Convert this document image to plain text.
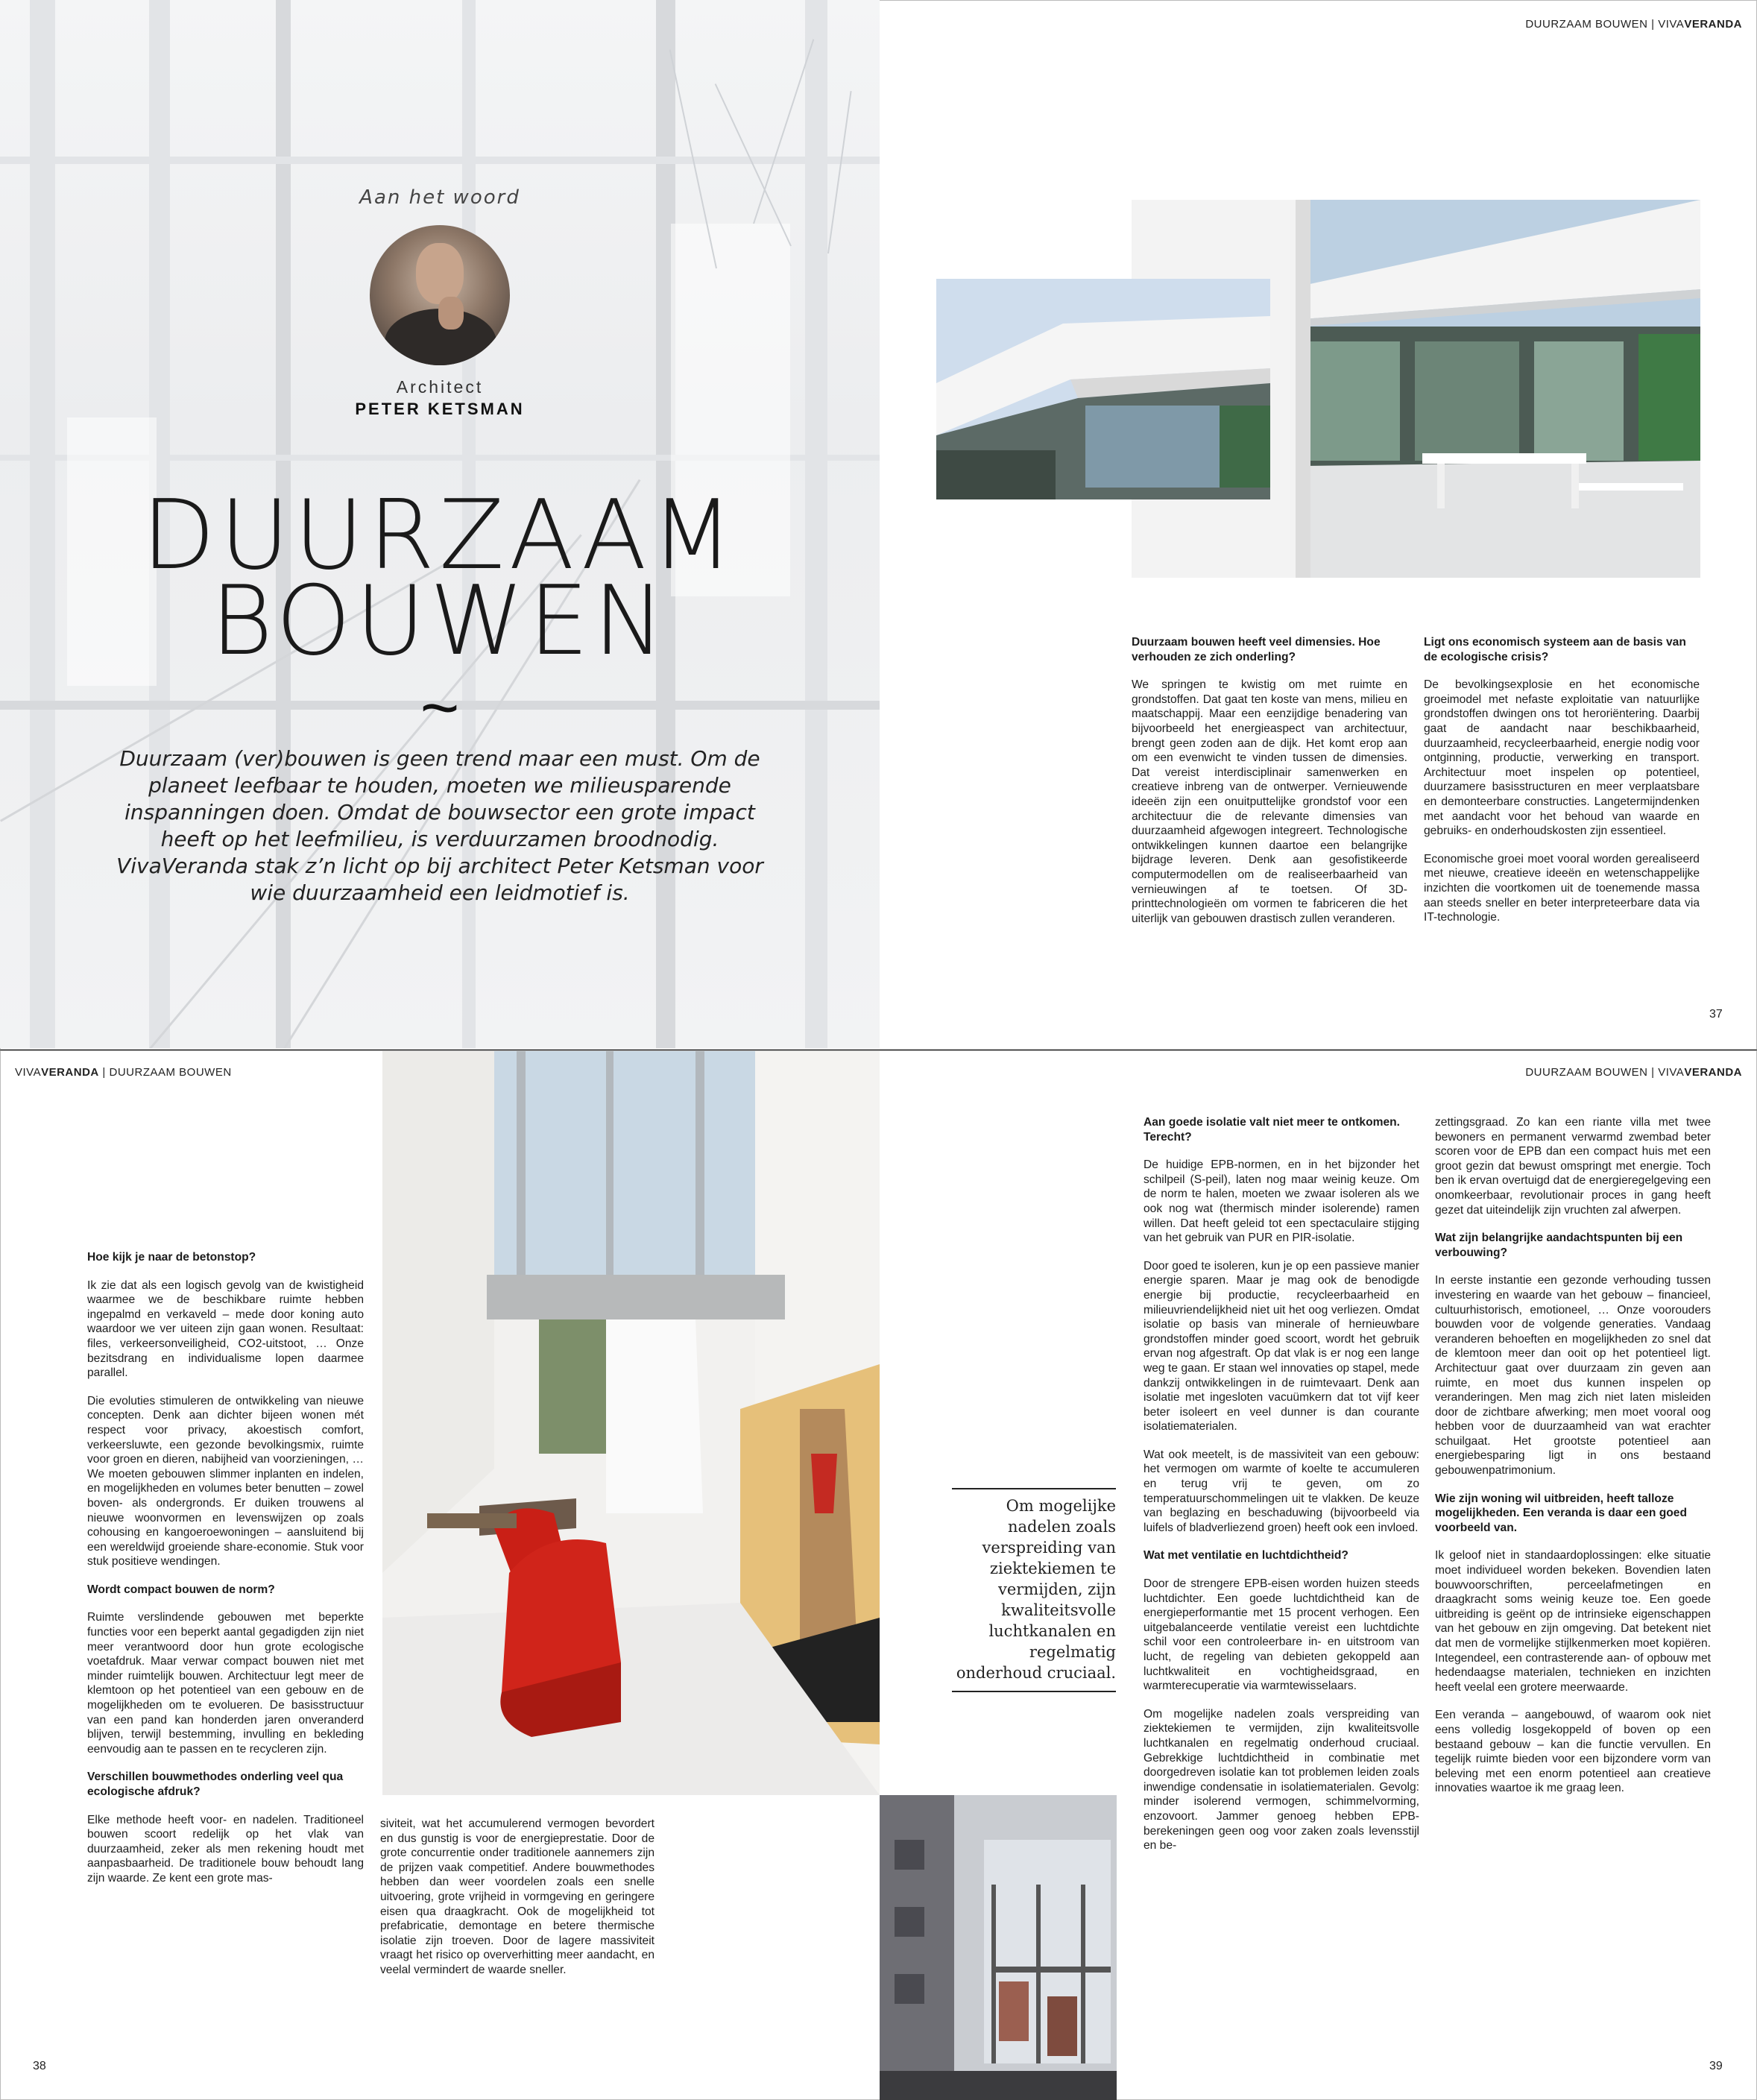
Aan het woord
Architect
PETER KETSMAN
DUURZAAM
BOUWEN
~
Duurzaam (ver)bouwen is geen trend maar een must. Om de planeet leefbaar te houden, moeten we milieusparende inspanningen doen. Omdat de bouwsector een grote impact heeft op het leefmilieu, is verduurzamen broodnodig. VivaVeranda stak z’n licht op bij architect Peter Ketsman voor wie duurzaamheid een leidmotief is.
DUURZAAM BOUWEN | VIVAVERANDA
Duurzaam bouwen heeft veel dimensies. Hoe verhouden ze zich onderling?

We springen te kwistig om met ruimte en grondstoffen. Dat gaat ten koste van mens, milieu en maatschappij. Maar een eenzijdige benadering van bijvoorbeeld het energieaspect van architectuur, brengt geen zoden aan de dijk. Het komt erop aan om een evenwicht te vinden tussen de dimensies. Dat vereist interdisciplinair samenwerken en creatieve inbreng van de ontwerper. Vernieuwende ideeën zijn een onuitputtelijke grondstof voor een architectuur die de relevante dimensies van duurzaamheid afgewogen integreert. Technologische ontwikkelingen kunnen daartoe een belangrijke bijdrage leveren. Denk aan gesofistikeerde computermodellen om de realiseerbaarheid van vernieuwingen af te toetsen. Of 3D-printtechnologieën om vormen te fabriceren die het uiterlijk van gebouwen drastisch zullen veranderen.

Ligt ons economisch systeem aan de basis van de ecologische crisis?

De bevolkingsexplosie en het economische groeimodel met nefaste exploitatie van natuurlijke grondstoffen dwingen ons tot heroriëntering. Daarbij gaat de aandacht naar beschikbaarheid, duurzaamheid, recycleerbaarheid, energie nodig voor ontginning, productie, verwerking en transport. Architectuur moet inspelen op potentieel, duurzamere basisstructuren en meer verplaatsbare en demonteerbare constructies. Langetermijndenken met aandacht voor het behoud van waarde en gebruiks- en onderhoudskosten zijn essentieel.

Economische groei moet vooral worden gerealiseerd met nieuwe, creatieve ideeën en wetenschappelijke inzichten die voortkomen uit de toenemende massa aan steeds sneller en beter interpreteerbare data via IT-technologie.

37
VIVAVERANDA | DUURZAAM BOUWEN	DUURZAAM BOUWEN | VIVAVERANDA
Hoe kijk je naar de betonstop?

Ik zie dat als een logisch gevolg van de kwistigheid waarmee we de beschikbare ruimte hebben ingepalmd en verkaveld – mede door koning auto waardoor we ver uiteen zijn gaan wonen. Resultaat: files, verkeersonveiligheid, CO2-uitstoot, … Onze bezitsdrang en individualisme lopen daarmee parallel.

Die evoluties stimuleren de ontwikkeling van nieuwe concepten. Denk aan dichter bijeen wonen mét respect voor privacy, akoestisch comfort, verkeersluwte, een gezonde bevolkingsmix, ruimte voor groen en dieren, nabijheid van voorzieningen, … We moeten gebouwen slimmer inplanten en indelen, en mogelijkheden en volumes beter benutten – zowel boven- als ondergronds. Er duiken trouwens al nieuwe woonvormen en levenswijzen op zoals cohousing en kangoeroewoningen – aansluitend bij een wereldwijd groeiende share-economie. Stuk voor stuk positieve wendingen.

Wordt compact bouwen de norm?

Ruimte verslindende gebouwen met beperkte functies voor een beperkt aantal gegadigden zijn niet meer verantwoord door hun grote ecologische voetafdruk. Maar verwar compact bouwen niet met minder ruimtelijk bouwen. Architectuur legt meer de klemtoon op het potentieel van een gebouw en de mogelijkheden om te evolueren. De basisstructuur van een pand kan honderden jaren onveranderd blijven, terwijl bestemming, invulling en bekleding eenvoudig aan te passen en te recycleren zijn.

Verschillen bouwmethodes onderling veel qua ecologische afdruk?

Elke methode heeft voor- en nadelen. Traditioneel bouwen scoort redelijk op het vlak van duurzaamheid, zeker als men rekening houdt met aanpasbaarheid. De traditionele bouw behoudt lang zijn waarde. Ze kent een grote mas-

siviteit, wat het accumulerend vermogen bevordert en dus gunstig is voor de energieprestatie. Door de grote concurrentie onder traditionele aannemers zijn de prijzen vaak competitief. Andere bouwmethodes hebben dan weer voordelen zoals een snelle uitvoering, grote vrijheid in vormgeving en geringere eisen qua draagkracht. Ook de mogelijkheid tot prefabricatie, demontage en betere thermische isolatie zijn troeven. Door de lagere massiviteit vraagt het risico op oververhitting meer aandacht, en veelal vermindert de waarde sneller.

38
Om mogelijke nadelen zoals verspreiding van ziektekiemen te vermijden, zijn kwaliteitsvolle luchtkanalen en regelmatig onderhoud cruciaal.
Aan goede isolatie valt niet meer te ontkomen. Terecht?

De huidige EPB-normen, en in het bijzonder het schilpeil (S-peil), laten nog maar weinig keuze. Om de norm te halen, moeten we zwaar isoleren als we ook nog wat (thermisch minder isolerende) ramen willen. Dat heeft geleid tot een spectaculaire stijging van het gebruik van PUR en PIR-isolatie.

Door goed te isoleren, kun je op een passieve manier energie sparen. Maar je mag ook de benodigde energie bij productie, recycleerbaarheid en milieuvriendelijkheid niet uit het oog verliezen. Omdat isolatie op basis van minerale of hernieuwbare grondstoffen minder goed scoort, wordt het gebruik ervan nog afgestraft. Op dat vlak is er nog een lange weg te gaan. Er staan wel innovaties op stapel, mede dankzij ontwikkelingen in de ruimtevaart. Denk aan isolatie met ingesloten vacuümkern dat tot vijf keer beter isoleert en veel dunner is dan courante isolatiematerialen.

Wat ook meetelt, is de massiviteit van een gebouw: het vermogen om warmte of koelte te accumuleren en terug vrij te geven, om zo temperatuurschommelingen uit te vlakken. De keuze van beglazing en beschaduwing (bijvoorbeeld via luifels of bladverliezend groen) heeft ook een invloed.

Wat met ventilatie en luchtdichtheid?

Door de strengere EPB-eisen worden huizen steeds luchtdichter. Een goede luchtdichtheid kan de energieperformantie met 15 procent verhogen. Een uitgebalanceerde ventilatie vereist een luchtdichte schil voor een controleerbare in- en uitstroom van lucht, de regeling van debieten gekoppeld aan luchtkwaliteit en vochtigheidsgraad, en warmterecuperatie via warmtewisselaars.

Om mogelijke nadelen zoals verspreiding van ziektekiemen te vermijden, zijn kwaliteitsvolle luchtkanalen en regelmatig onderhoud cruciaal. Gebrekkige luchtdichtheid in combinatie met doorgedreven isolatie kan tot problemen leiden zoals inwendige condensatie in isolatiematerialen. Gevolg: minder isolerend vermogen, schimmelvorming, enzovoort. Jammer genoeg hebben EPB-berekeningen geen oog voor zaken zoals levensstijl en be-

zettingsgraad. Zo kan een riante villa met twee bewoners en permanent verwarmd zwembad beter scoren voor de EPB dan een compact huis met een groot gezin dat bewust omspringt met energie. Toch ben ik ervan overtuigd dat de energieregelgeving een onomkeerbaar, revolutionair proces in gang heeft gezet dat uiteindelijk zijn vruchten zal afwerpen.

Wat zijn belangrijke aandachtspunten bij een verbouwing?

In eerste instantie een gezonde verhouding tussen investering en waarde van het gebouw – financieel, cultuurhistorisch, emotioneel, … Onze voorouders bouwden voor de volgende generaties. Vandaag veranderen behoeften en mogelijkheden zo snel dat de klemtoon meer dan ooit op het potentieel ligt. Architectuur gaat over duurzaam zin geven aan ruimte, en moet dus kunnen inspelen op veranderingen. Men mag zich niet laten misleiden door de zichtbare afwerking; men moet vooral oog hebben voor de duurzaamheid van wat erachter schuilgaat. Het grootste potentieel aan energiebesparing ligt in ons bestaand gebouwenpatrimonium.

Wie zijn woning wil uitbreiden, heeft talloze mogelijkheden. Een veranda is daar een goed voorbeeld van.

Ik geloof niet in standaardoplossingen: elke situatie moet individueel worden bekeken. Bovendien laten bouwvoorschriften, perceelafmetingen en draagkracht soms weinig keuze toe. Een goede uitbreiding is geënt op de intrinsieke eigenschappen van het gebouw en zijn omgeving. Dat betekent niet dat men de vormelijke stijlkenmerken moet kopiëren. Integendeel, een contrasterende aan- of opbouw met hedendaagse materialen, technieken en inzichten heeft veelal een grotere meerwaarde.

Een veranda – aangebouwd, of waarom ook niet eens volledig losgekoppeld of boven op een bestaand gebouw – kan die functie vervullen. En tegelijk ruimte bieden voor een bijzondere vorm van beleving met een enorm potentieel aan creatieve innovaties waartoe ik me graag leen.

39
